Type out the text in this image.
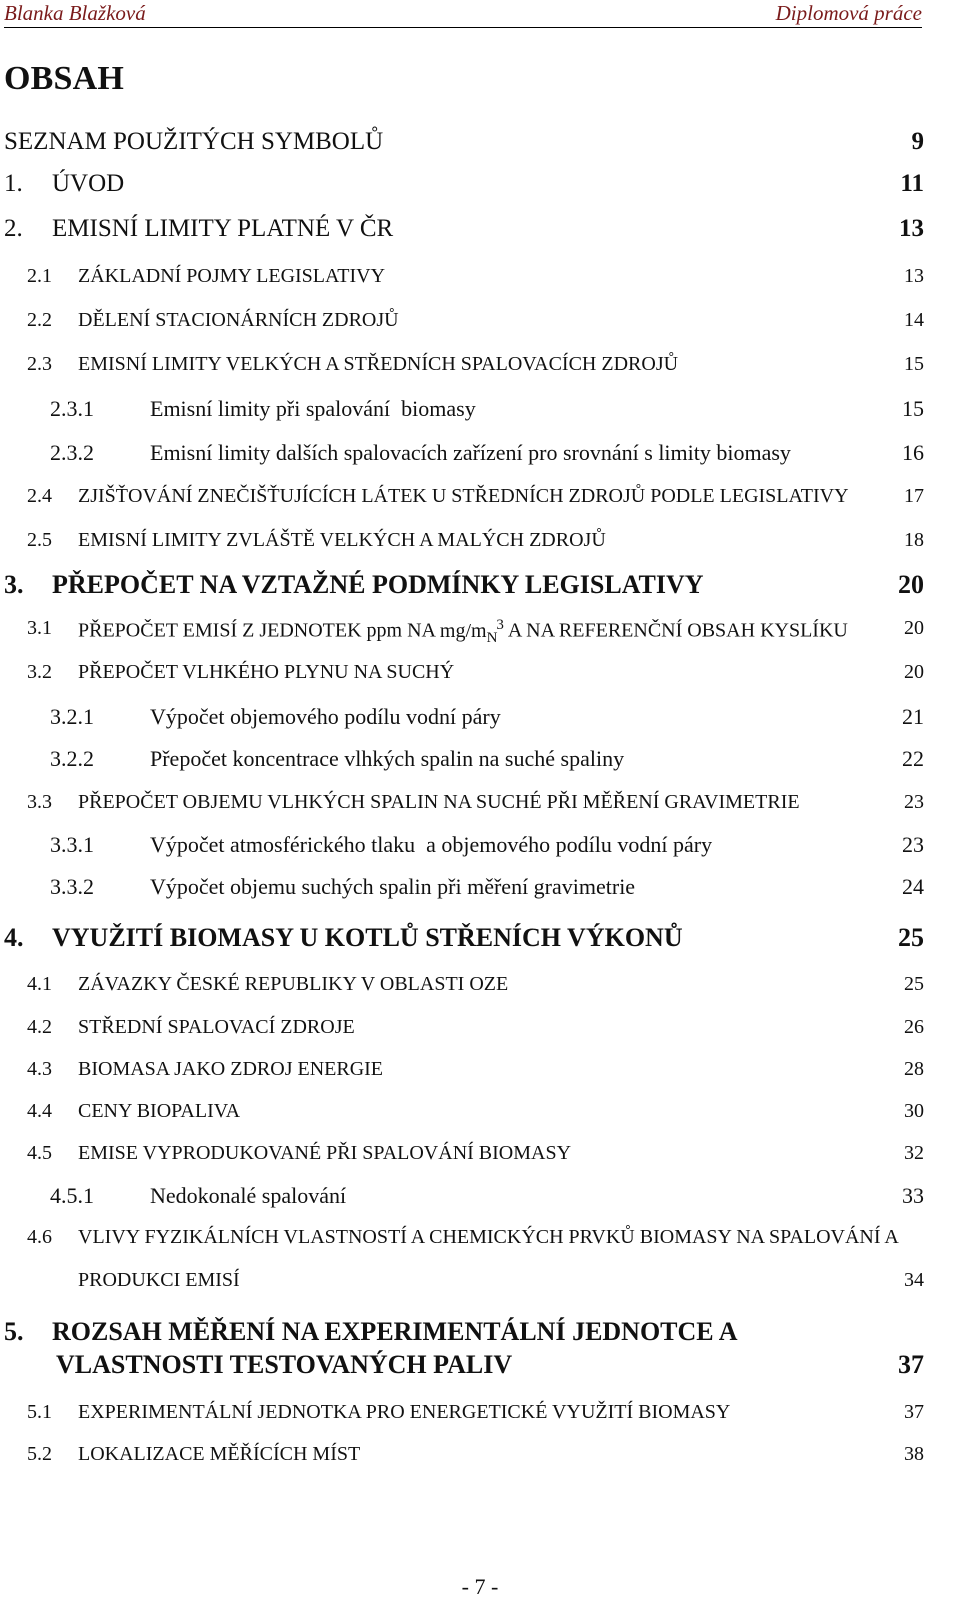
Blanka Blažková	Diplomová práce
OBSAH
SEZNAM POUŽITÝCH SYMBOLŮ	9
1. ÚVOD	11
2. EMISNÍ LIMITY PLATNÉ V ČR	13
2.1 ZÁKLADNÍ POJMY LEGISLATIVY	13
2.2 DĚLENÍ STACIONÁRNÍCH ZDROJŮ	14
2.3 EMISNÍ LIMITY VELKÝCH A STŘEDNÍCH SPALOVACÍCH ZDROJŮ	15
2.3.1	Emisní limity při spalování  biomasy	15
2.3.2	Emisní limity dalších spalovacích zařízení pro srovnání s limity biomasy	16
2.4 ZJIŠŤOVÁNÍ ZNEČIŠŤUJÍCÍCH LÁTEK U STŘEDNÍCH ZDROJŮ PODLE LEGISLATIVY	17
2.5 EMISNÍ LIMITY ZVLÁŠTĚ VELKÝCH A MALÝCH ZDROJŮ	18
3. PŘEPOČET NA VZTAŽNÉ PODMÍNKY LEGISLATIVY	20
3.1 PŘEPOČET EMISÍ Z JEDNOTEK ppm NA $mg/m_N^3$ A NA REFERENČNÍ OBSAH KYSLÍKU	20
3.2 PŘEPOČET VLHKÉHO PLYNU NA SUCHÝ	20
3.2.1	Výpočet objemového podílu vodní páry	21
3.2.2	Přepočet koncentrace vlhkých spalin na suché spaliny	22
3.3 PŘEPOČET OBJEMU VLHKÝCH SPALIN NA SUCHÉ PŘI MĚŘENÍ GRAVIMETRIE	23
3.3.1	Výpočet atmosférického tlaku  a objemového podílu vodní páry	23
3.3.2	Výpočet objemu suchých spalin při měření gravimetrie	24
4. VYUŽITÍ BIOMASY U KOTLŮ STŘENÍCH VÝKONŮ	25
4.1 ZÁVAZKY ČESKÉ REPUBLIKY V OBLASTI OZE	25
4.2 STŘEDNÍ SPALOVACÍ ZDROJE	26
4.3 BIOMASA JAKO ZDROJ ENERGIE	28
4.4 CENY BIOPALIVA	30
4.5 EMISE VYPRODUKOVANÉ PŘI SPALOVÁNÍ BIOMASY	32
4.5.1	Nedokonalé spalování	33
4.6 VLIVY FYZIKÁLNÍCH VLASTNOSTÍ A CHEMICKÝCH PRVKŮ BIOMASY NA SPALOVÁNÍ A
PRODUKCI EMISÍ	34
5. ROZSAH MĚŘENÍ NA EXPERIMENTÁLNÍ JEDNOTCE A
VLASTNOSTI TESTOVANÝCH PALIV	37
5.1 EXPERIMENTÁLNÍ JEDNOTKA PRO ENERGETICKÉ VYUŽITÍ BIOMASY	37
5.2 LOKALIZACE MĚŘÍCÍCH MÍST	38
- 7 -
